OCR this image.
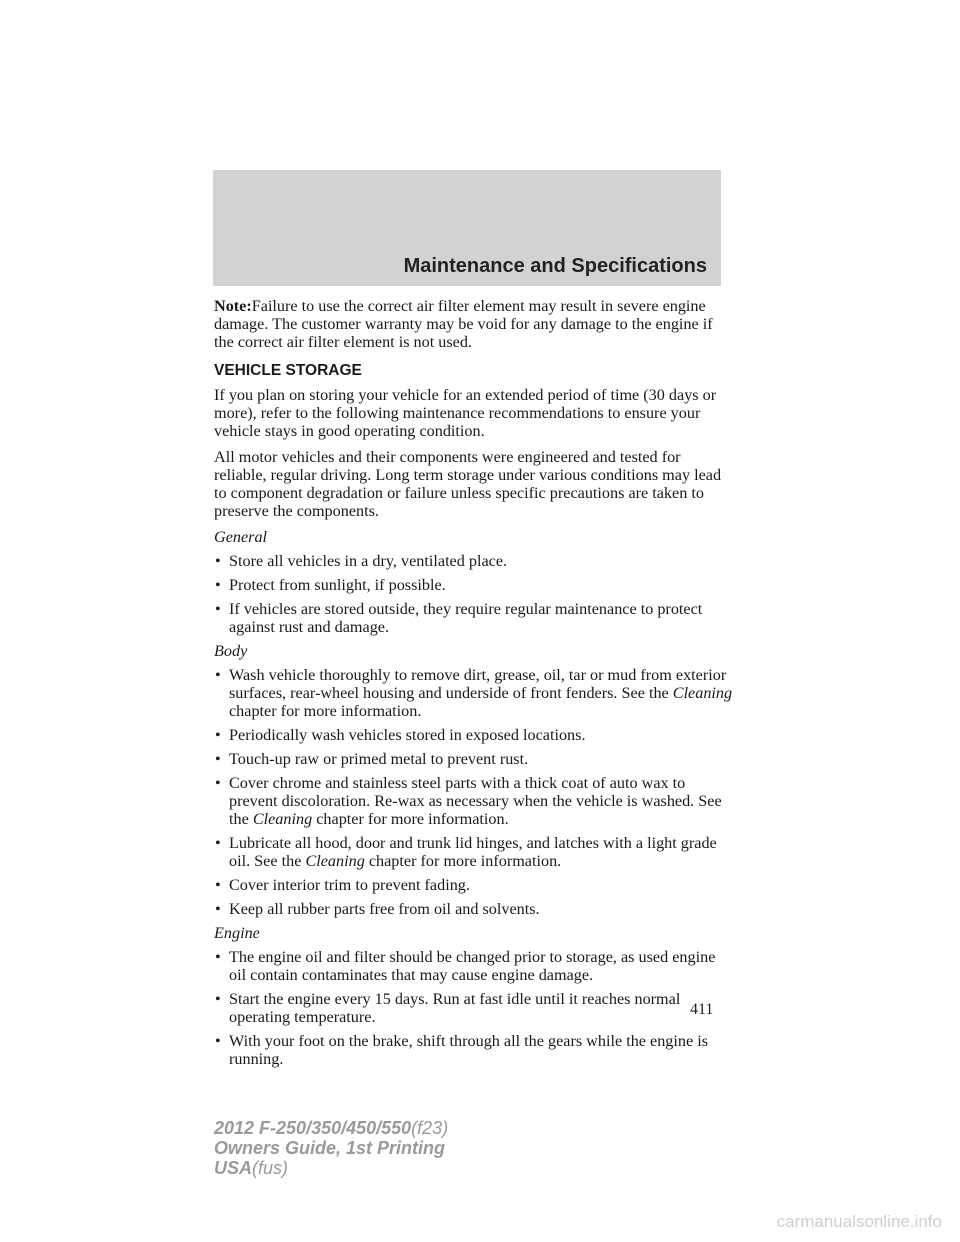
Maintenance and Specifications

Note:Failure to use the correct air filter element may result in severe engine damage. The customer warranty may be void for any damage to the engine if the correct air filter element is not used.

VEHICLE STORAGE

If you plan on storing your vehicle for an extended period of time (30 days or more), refer to the following maintenance recommendations to ensure your vehicle stays in good operating condition.

All motor vehicles and their components were engineered and tested for reliable, regular driving. Long term storage under various conditions may lead to component degradation or failure unless specific precautions are taken to preserve the components.

General
• Store all vehicles in a dry, ventilated place.
• Protect from sunlight, if possible.
• If vehicles are stored outside, they require regular maintenance to protect against rust and damage.
Body
• Wash vehicle thoroughly to remove dirt, grease, oil, tar or mud from exterior surfaces, rear-wheel housing and underside of front fenders. See the Cleaning chapter for more information.
• Periodically wash vehicles stored in exposed locations.
• Touch-up raw or primed metal to prevent rust.
• Cover chrome and stainless steel parts with a thick coat of auto wax to prevent discoloration. Re-wax as necessary when the vehicle is washed. See the Cleaning chapter for more information.
• Lubricate all hood, door and trunk lid hinges, and latches with a light grade oil. See the Cleaning chapter for more information.
• Cover interior trim to prevent fading.
• Keep all rubber parts free from oil and solvents.
Engine
• The engine oil and filter should be changed prior to storage, as used engine oil contain contaminates that may cause engine damage.
• Start the engine every 15 days. Run at fast idle until it reaches normal operating temperature.
• With your foot on the brake, shift through all the gears while the engine is running.
411
2012 F-250/350/450/550(f23)
Owners Guide, 1st Printing
USA(fus)
carmanualsonline.info
